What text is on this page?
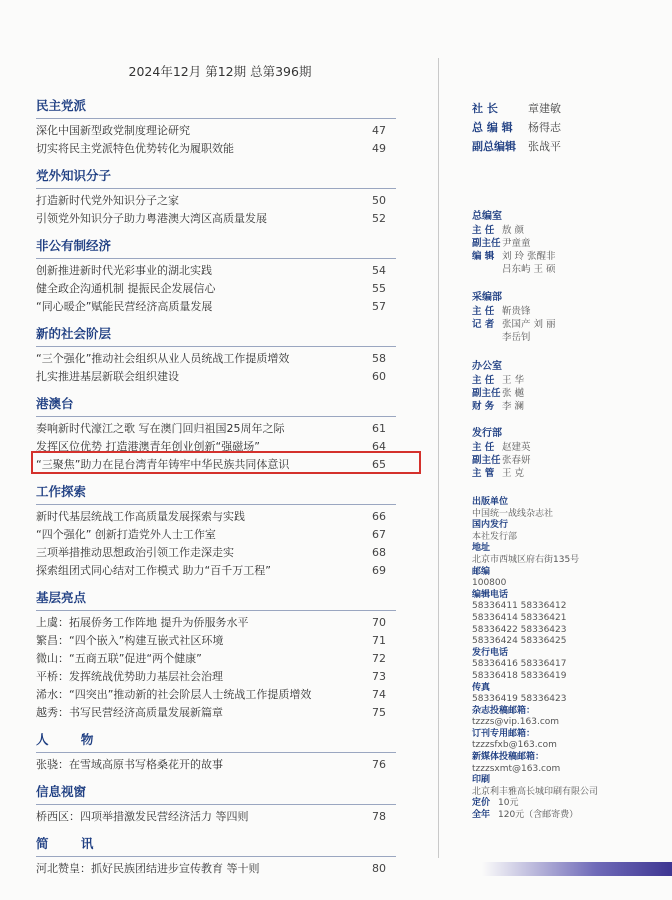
2024年12月 第12期 总第396期
民主党派
深化中国新型政党制度理论研究	47
切实将民主党派特色优势转化为履职效能	49
党外知识分子
打造新时代党外知识分子之家	50
引领党外知识分子助力粤港澳大湾区高质量发展	52
非公有制经济
创新推进新时代光彩事业的湖北实践	54
健全政企沟通机制 提振民企发展信心	55
“同心暖企”赋能民营经济高质量发展	57
新的社会阶层
“三个强化”推动社会组织从业人员统战工作提质增效	58
扎实推进基层新联会组织建设	60
港澳台
奏响新时代濠江之歌 写在澳门回归祖国25周年之际	61
发挥区位优势 打造港澳青年创业创新“强磁场”	64
“三聚焦”助力在昆台湾青年铸牢中华民族共同体意识	65
工作探索
新时代基层统战工作高质量发展探索与实践	66
“四个强化” 创新打造党外人士工作室	67
三项举措推动思想政治引领工作走深走实	68
探索组团式同心结对工作模式 助力“百千万工程”	69
基层亮点
上虞：拓展侨务工作阵地 提升为侨服务水平	70
繁昌：“四个嵌入”构建互嵌式社区环境	71
微山：“五商五联”促进“两个健康”	72
平桥：发挥统战优势助力基层社会治理	73
浠水：“四突出”推动新的社会阶层人士统战工作提质增效	74
越秀：书写民营经济高质量发展新篇章	75
人 物
张骁：在雪域高原书写格桑花开的故事	76
信息视窗
桥西区：四项举措激发民营经济活力 等四则	78
简 讯
河北赞皇：抓好民族团结进步宣传教育 等十则	80
社 长	章建敏
总 编 辑 杨得志
副总编辑 张战平
总编室
主 任 敖 颜
副主任尹童童
编 辑 刘 玲 张醒非
吕东屿 王 硕
采编部
主 任 靳贵锋
记 者 张国产 刘 丽
李岳钊
办公室
主 任 王 华
副主任张 樾
财 务 李 澜
发行部
主 任 赵建英
副主任张春妍
主 管 王 克
出版单位
中国统一战线杂志社
国内发行
本社发行部
地址
北京市西城区府右街135号
邮编
100800
编辑电话
58336411 58336412
58336414 58336421
58336422 58336423
58336424 58336425
发行电话
58336416 58336417
58336418 58336419
传真
58336419 58336423
杂志投稿邮箱：
tzzzs@vip.163.com
订刊专用邮箱：
tzzzsfxb@163.com
新媒体投稿邮箱：
tzzzsxmt@163.com
印刷
北京利丰雅高长城印刷有限公司
定价 10元
全年 120元（含邮寄费）
